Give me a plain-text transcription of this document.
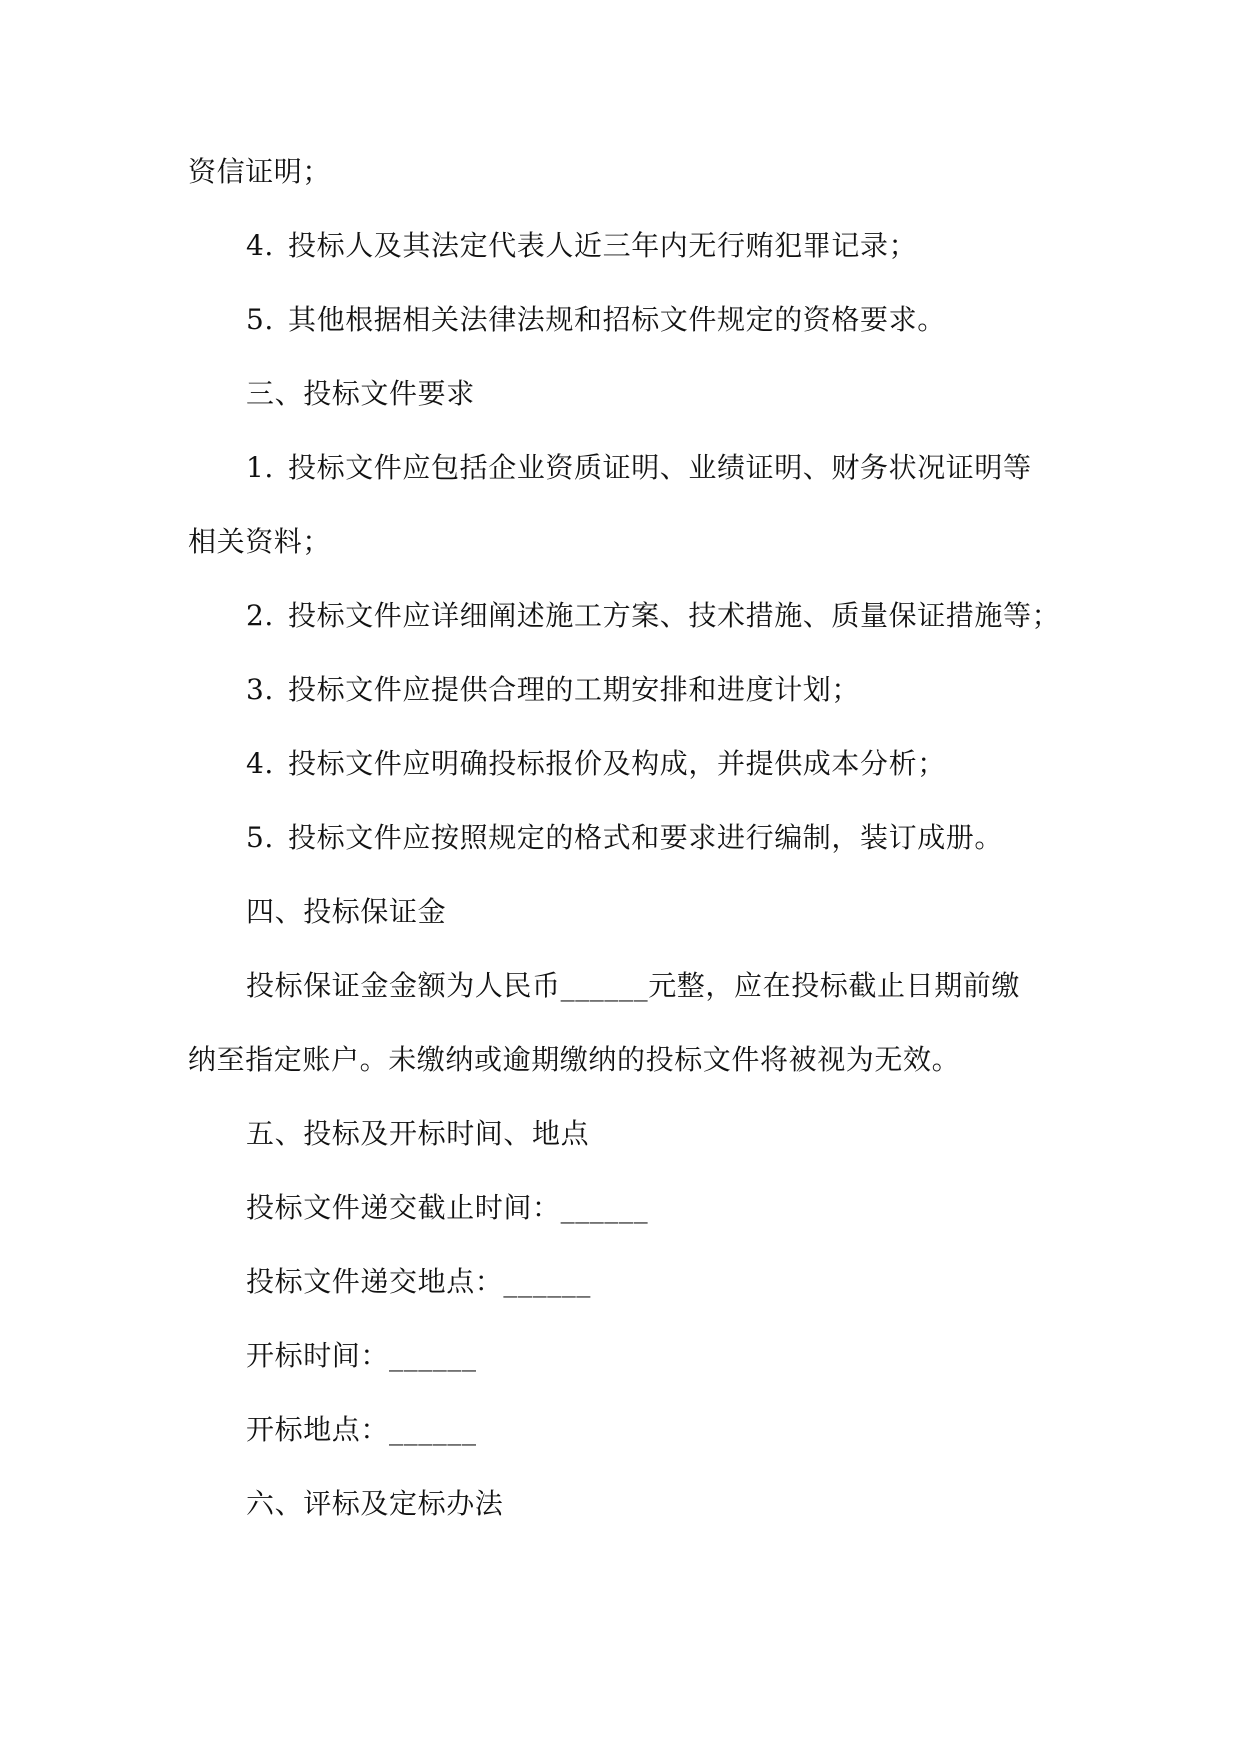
资信证明；
4. 投标人及其法定代表人近三年内无行贿犯罪记录；
5. 其他根据相关法律法规和招标文件规定的资格要求。
三、投标文件要求
1. 投标文件应包括企业资质证明、业绩证明、财务状况证明等
相关资料；
2. 投标文件应详细阐述施工方案、技术措施、质量保证措施等；
3. 投标文件应提供合理的工期安排和进度计划；
4. 投标文件应明确投标报价及构成，并提供成本分析；
5. 投标文件应按照规定的格式和要求进行编制，装订成册。
四、投标保证金
投标保证金金额为人民币______元整，应在投标截止日期前缴
纳至指定账户。未缴纳或逾期缴纳的投标文件将被视为无效。
五、投标及开标时间、地点
投标文件递交截止时间：______
投标文件递交地点：______
开标时间：______
开标地点：______
六、评标及定标办法
